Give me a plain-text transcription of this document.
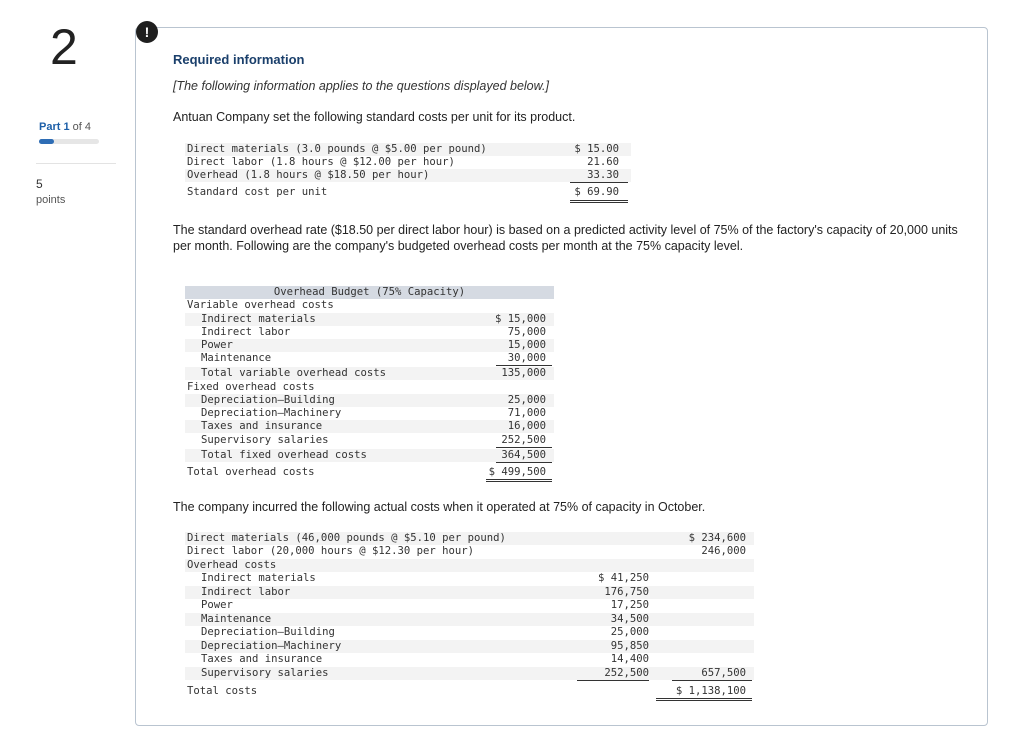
2
Part 1 of 4
5
points
!
Required information
[The following information applies to the questions displayed below.]
Antuan Company set the following standard costs per unit for its product.
Direct materials (3.0 pounds @ $5.00 per pound)	$ 15.00
Direct labor (1.8 hours @ $12.00 per hour)	21.60
Overhead (1.8 hours @ $18.50 per hour)	33.30
Standard cost per unit	$ 69.90
The standard overhead rate ($18.50 per direct labor hour) is based on a predicted activity level of 75% of the factory's capacity of 20,000 units per month. Following are the company's budgeted overhead costs per month at the 75% capacity level.
Overhead Budget (75% Capacity)
Variable overhead costs
Indirect materials	$ 15,000
Indirect labor	75,000
Power	15,000
Maintenance	30,000
Total variable overhead costs	135,000
Fixed overhead costs
Depreciation—Building	25,000
Depreciation—Machinery	71,000
Taxes and insurance	16,000
Supervisory salaries	252,500
Total fixed overhead costs	364,500
Total overhead costs	$ 499,500
The company incurred the following actual costs when it operated at 75% of capacity in October.
Direct materials (46,000 pounds @ $5.10 per pound)	$ 234,600
Direct labor (20,000 hours @ $12.30 per hour)	246,000
Overhead costs
Indirect materials	$ 41,250
Indirect labor	176,750
Power	17,250
Maintenance	34,500
Depreciation—Building	25,000
Depreciation—Machinery	95,850
Taxes and insurance	14,400
Supervisory salaries	252,500	657,500
Total costs	$ 1,138,100
